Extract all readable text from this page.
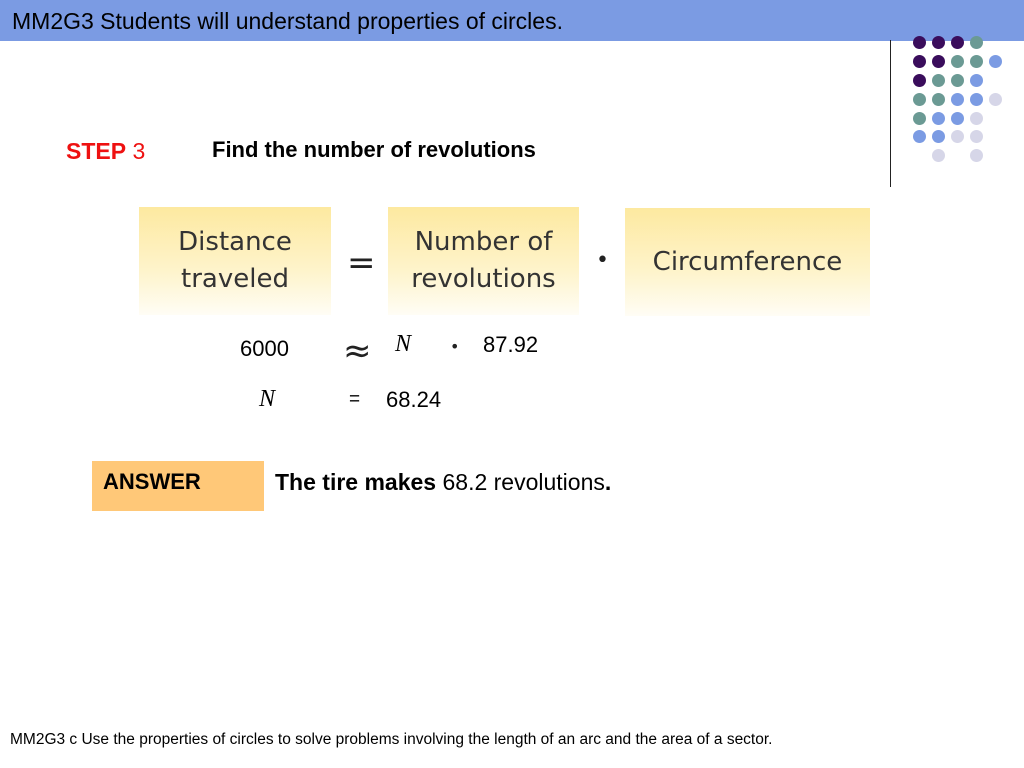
MM2G3 Students will understand properties of circles.
STEP 3	Find the number of revolutions
Distance
traveled	=
Number of
revolutions
•	Circumference
6000 ≈ N • 87.92
N	= 68.24
ANSWER	The tire makes 68.2 revolutions.
MM2G3 c Use the properties of circles to solve problems involving the length of an arc and the area of a sector.
